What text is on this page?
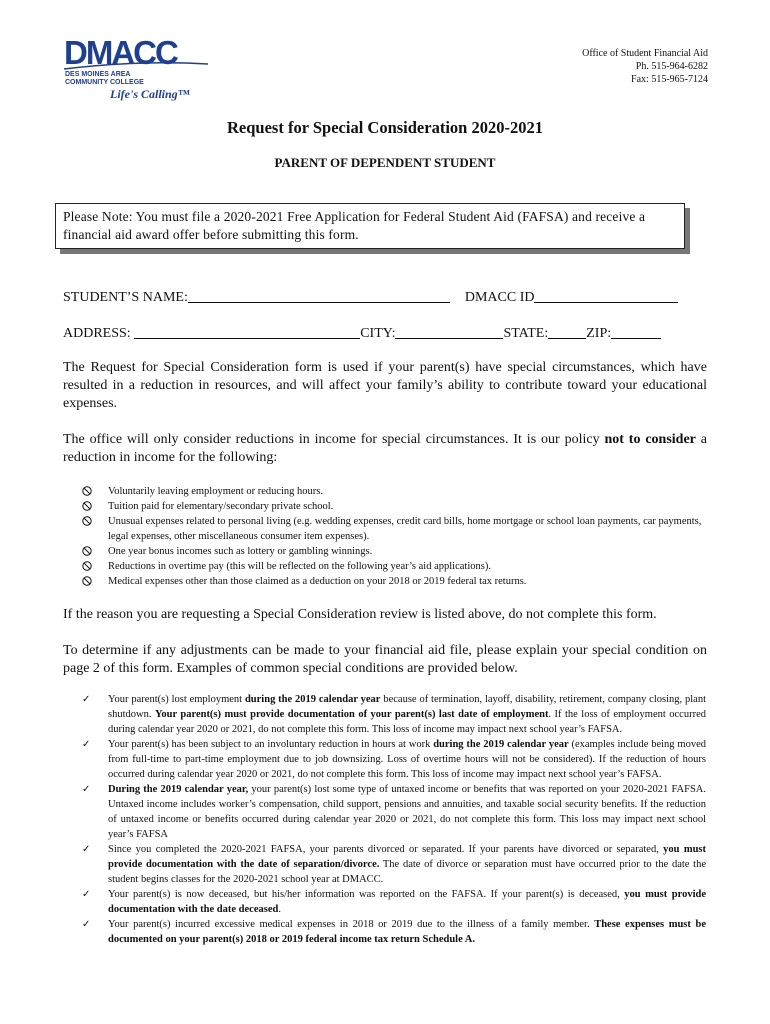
DMACC
DES MOINES AREA
COMMUNITY COLLEGE
Life's Calling™
Office of Student Financial Aid
Ph. 515-964-6282
Fax: 515-965-7124
Request for Special Consideration 2020-2021
PARENT OF DEPENDENT STUDENT
Please Note: You must file a 2020-2021 Free Application for Federal Student Aid (FAFSA) and receive a financial aid award offer before submitting this form.
STUDENT’S NAME:	DMACC ID
ADDRESS:	CITY:	STATE:	ZIP:
The Request for Special Consideration form is used if your parent(s) have special circumstances, which have resulted in a reduction in resources, and will affect your family’s ability to contribute toward your educational expenses.
The office will only consider reductions in income for special circumstances. It is our policy not to consider a reduction in income for the following:
Voluntarily leaving employment or reducing hours.
Tuition paid for elementary/secondary private school.
Unusual expenses related to personal living (e.g. wedding expenses, credit card bills, home mortgage or school loan payments, car payments, legal expenses, other miscellaneous consumer item expenses).
One year bonus incomes such as lottery or gambling winnings.
Reductions in overtime pay (this will be reflected on the following year’s aid applications).
Medical expenses other than those claimed as a deduction on your 2018 or 2019 federal tax returns.
If the reason you are requesting a Special Consideration review is listed above, do not complete this form.
To determine if any adjustments can be made to your financial aid file, please explain your special condition on page 2 of this form. Examples of common special conditions are provided below.
✓ Your parent(s) lost employment during the 2019 calendar year because of termination, layoff, disability, retirement, company closing, plant shutdown. Your parent(s) must provide documentation of your parent(s) last date of employment. If the loss of employment occurred during calendar year 2020 or 2021, do not complete this form. This loss of income may impact next school year’s FAFSA.
✓ Your parent(s) has been subject to an involuntary reduction in hours at work during the 2019 calendar year (examples include being moved from full-time to part-time employment due to job downsizing. Loss of overtime hours will not be considered). If the reduction of hours occurred during calendar year 2020 or 2021, do not complete this form. This loss of income may impact next school year’s FAFSA.
✓ During the 2019 calendar year, your parent(s) lost some type of untaxed income or benefits that was reported on your 2020-2021 FAFSA. Untaxed income includes worker’s compensation, child support, pensions and annuities, and taxable social security benefits. If the reduction of untaxed income or benefits occurred during calendar year 2020 or 2021, do not complete this form. This loss may impact next school year’s FAFSA
✓ Since you completed the 2020-2021 FAFSA, your parents divorced or separated. If your parents have divorced or separated, you must provide documentation with the date of separation/divorce. The date of divorce or separation must have occurred prior to the date the student begins classes for the 2020-2021 school year at DMACC.
✓ Your parent(s) is now deceased, but his/her information was reported on the FAFSA. If your parent(s) is deceased, you must provide documentation with the date deceased.
✓ Your parent(s) incurred excessive medical expenses in 2018 or 2019 due to the illness of a family member. These expenses must be documented on your parent(s) 2018 or 2019 federal income tax return Schedule A.
